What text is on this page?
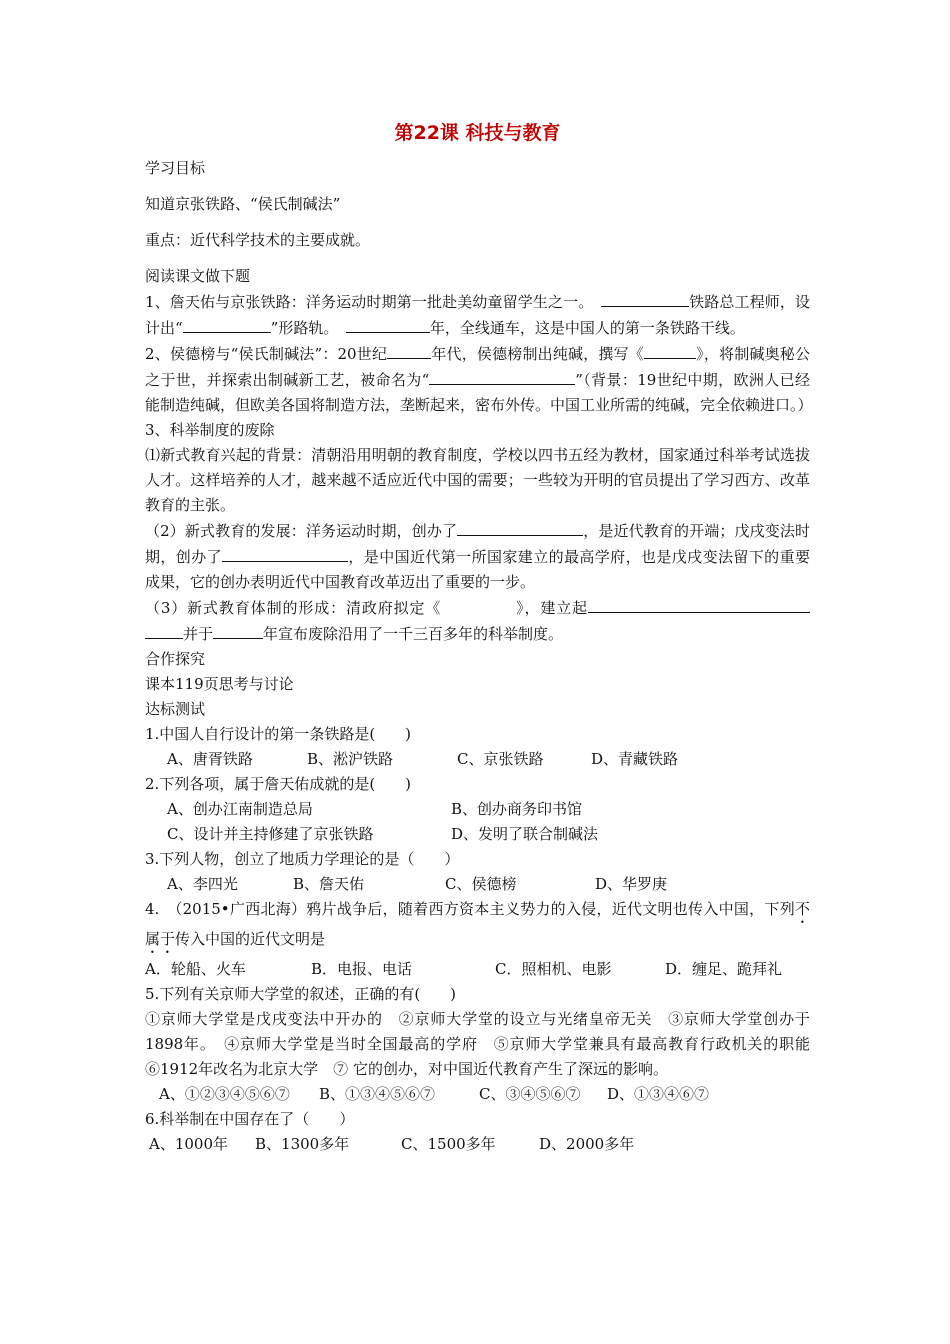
第22课 科技与教育

学习目标

知道京张铁路、“侯氏制碱法”

重点：近代科学技术的主要成就。

阅读课文做下题

1、詹天佑与京张铁路：洋务运动时期第一批赴美幼童留学生之一。　	铁路总工程师，设计出“	”形路轨。　	年，全线通车，这是中国人的第一条铁路干线。

2、侯德榜与“侯氏制碱法”：20世纪	年代，侯德榜制出纯碱，撰写《	》，将制碱奥秘公之于世，并探索出制碱新工艺，被命名为“	”（背景：19世纪中期，欧洲人已经能制造纯碱，但欧美各国将制造方法，垄断起来，密布外传。中国工业所需的纯碱，完全依赖进口。）

3、科举制度的废除

⑴新式教育兴起的背景：清朝沿用明朝的教育制度，学校以四书五经为教材，国家通过科举考试选拔人才。这样培养的人才，越来越不适应近代中国的需要；一些较为开明的官员提出了学习西方、改革教育的主张。

（2）新式教育的发展：洋务运动时期，创办了	，是近代教育的开端；戊戌变法时期，创办了	，是中国近代第一所国家建立的最高学府，也是戊戌变法留下的重要成果，它的创办表明近代中国教育改革迈出了重要的一步。

（3）新式教育体制的形成：清政府拟定《	》，建立起并于	年宣布废除沿用了一千三百多年的科举制度。

合作探究

课本119页思考与讨论

达标测试

1.中国人自行设计的第一条铁路是(　　)

A、唐胥铁路	B、淞沪铁路	C、京张铁路	D、青藏铁路

2.下列各项，属于詹天佑成就的是(　　)

A、创办江南制造总局	B、创办商务印书馆

C、设计并主持修建了京张铁路	D、发明了联合制碱法

3.下列人物，创立了地质力学理论的是（　　）

A、李四光	B、詹天佑	C、侯德榜	D、华罗庚

4.　（2015•广西北海）鸦片战争后，随着西方资本主义势力的入侵，近代文明也传入中国，下列不属于传入中国的近代文明是

A．轮船、火车	B．电报、电话	C．照相机、电影	D．缠足、跪拜礼

5.下列有关京师大学堂的叙述，正确的有(　　)

①京师大学堂是戊戌变法中开办的　②京师大学堂的设立与光绪皇帝无关　③京师大学堂创办于1898年。　④京师大学堂是当时全国最高的学府　⑤京师大学堂兼具有最高教育行政机关的职能　⑥1912年改名为北京大学　⑦ 它的创办，对中国近代教育产生了深远的影响。

A、①②③④⑤⑥⑦ B、①③④⑤⑥⑦	C、③④⑤⑥⑦ D、①③④⑥⑦

6.科举制在中国存在了（　　）

A、1000年 B、1300多年	C、1500多年	D、2000多年
